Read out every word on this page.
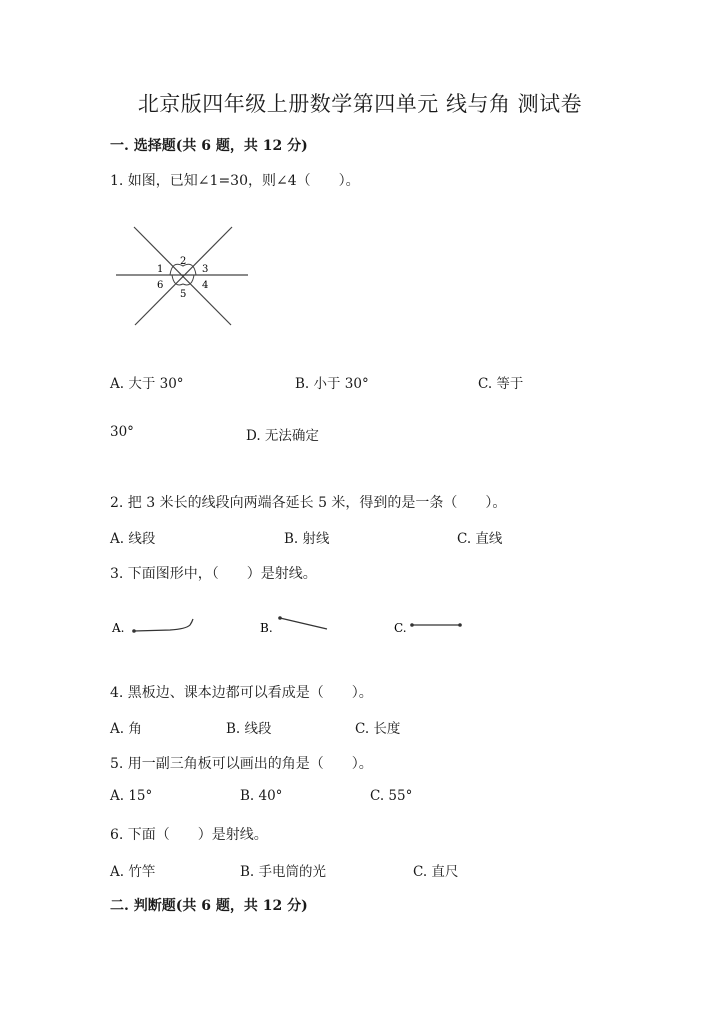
北京版四年级上册数学第四单元 线与角 测试卷
一. 选择题(共 6 题，共 12 分)
1. 如图，已知∠1=30，则∠4（　　）。
1
2
3
4
5
6
A. 大于 30°	B. 小于 30°	C. 等于
30°	D. 无法确定
2. 把 3 米长的线段向两端各延长 5 米，得到的是一条（　　）。
A. 线段	B. 射线	C. 直线
3. 下面图形中，（　　）是射线。
A.	B.	C.
4. 黑板边、课本边都可以看成是（　　）。
A. 角	B. 线段	C. 长度
5. 用一副三角板可以画出的角是（　　）。
A. 15°	B. 40°	C. 55°
6. 下面（　　）是射线。
A. 竹竿	B. 手电筒的光	C. 直尺
二. 判断题(共 6 题，共 12 分)
